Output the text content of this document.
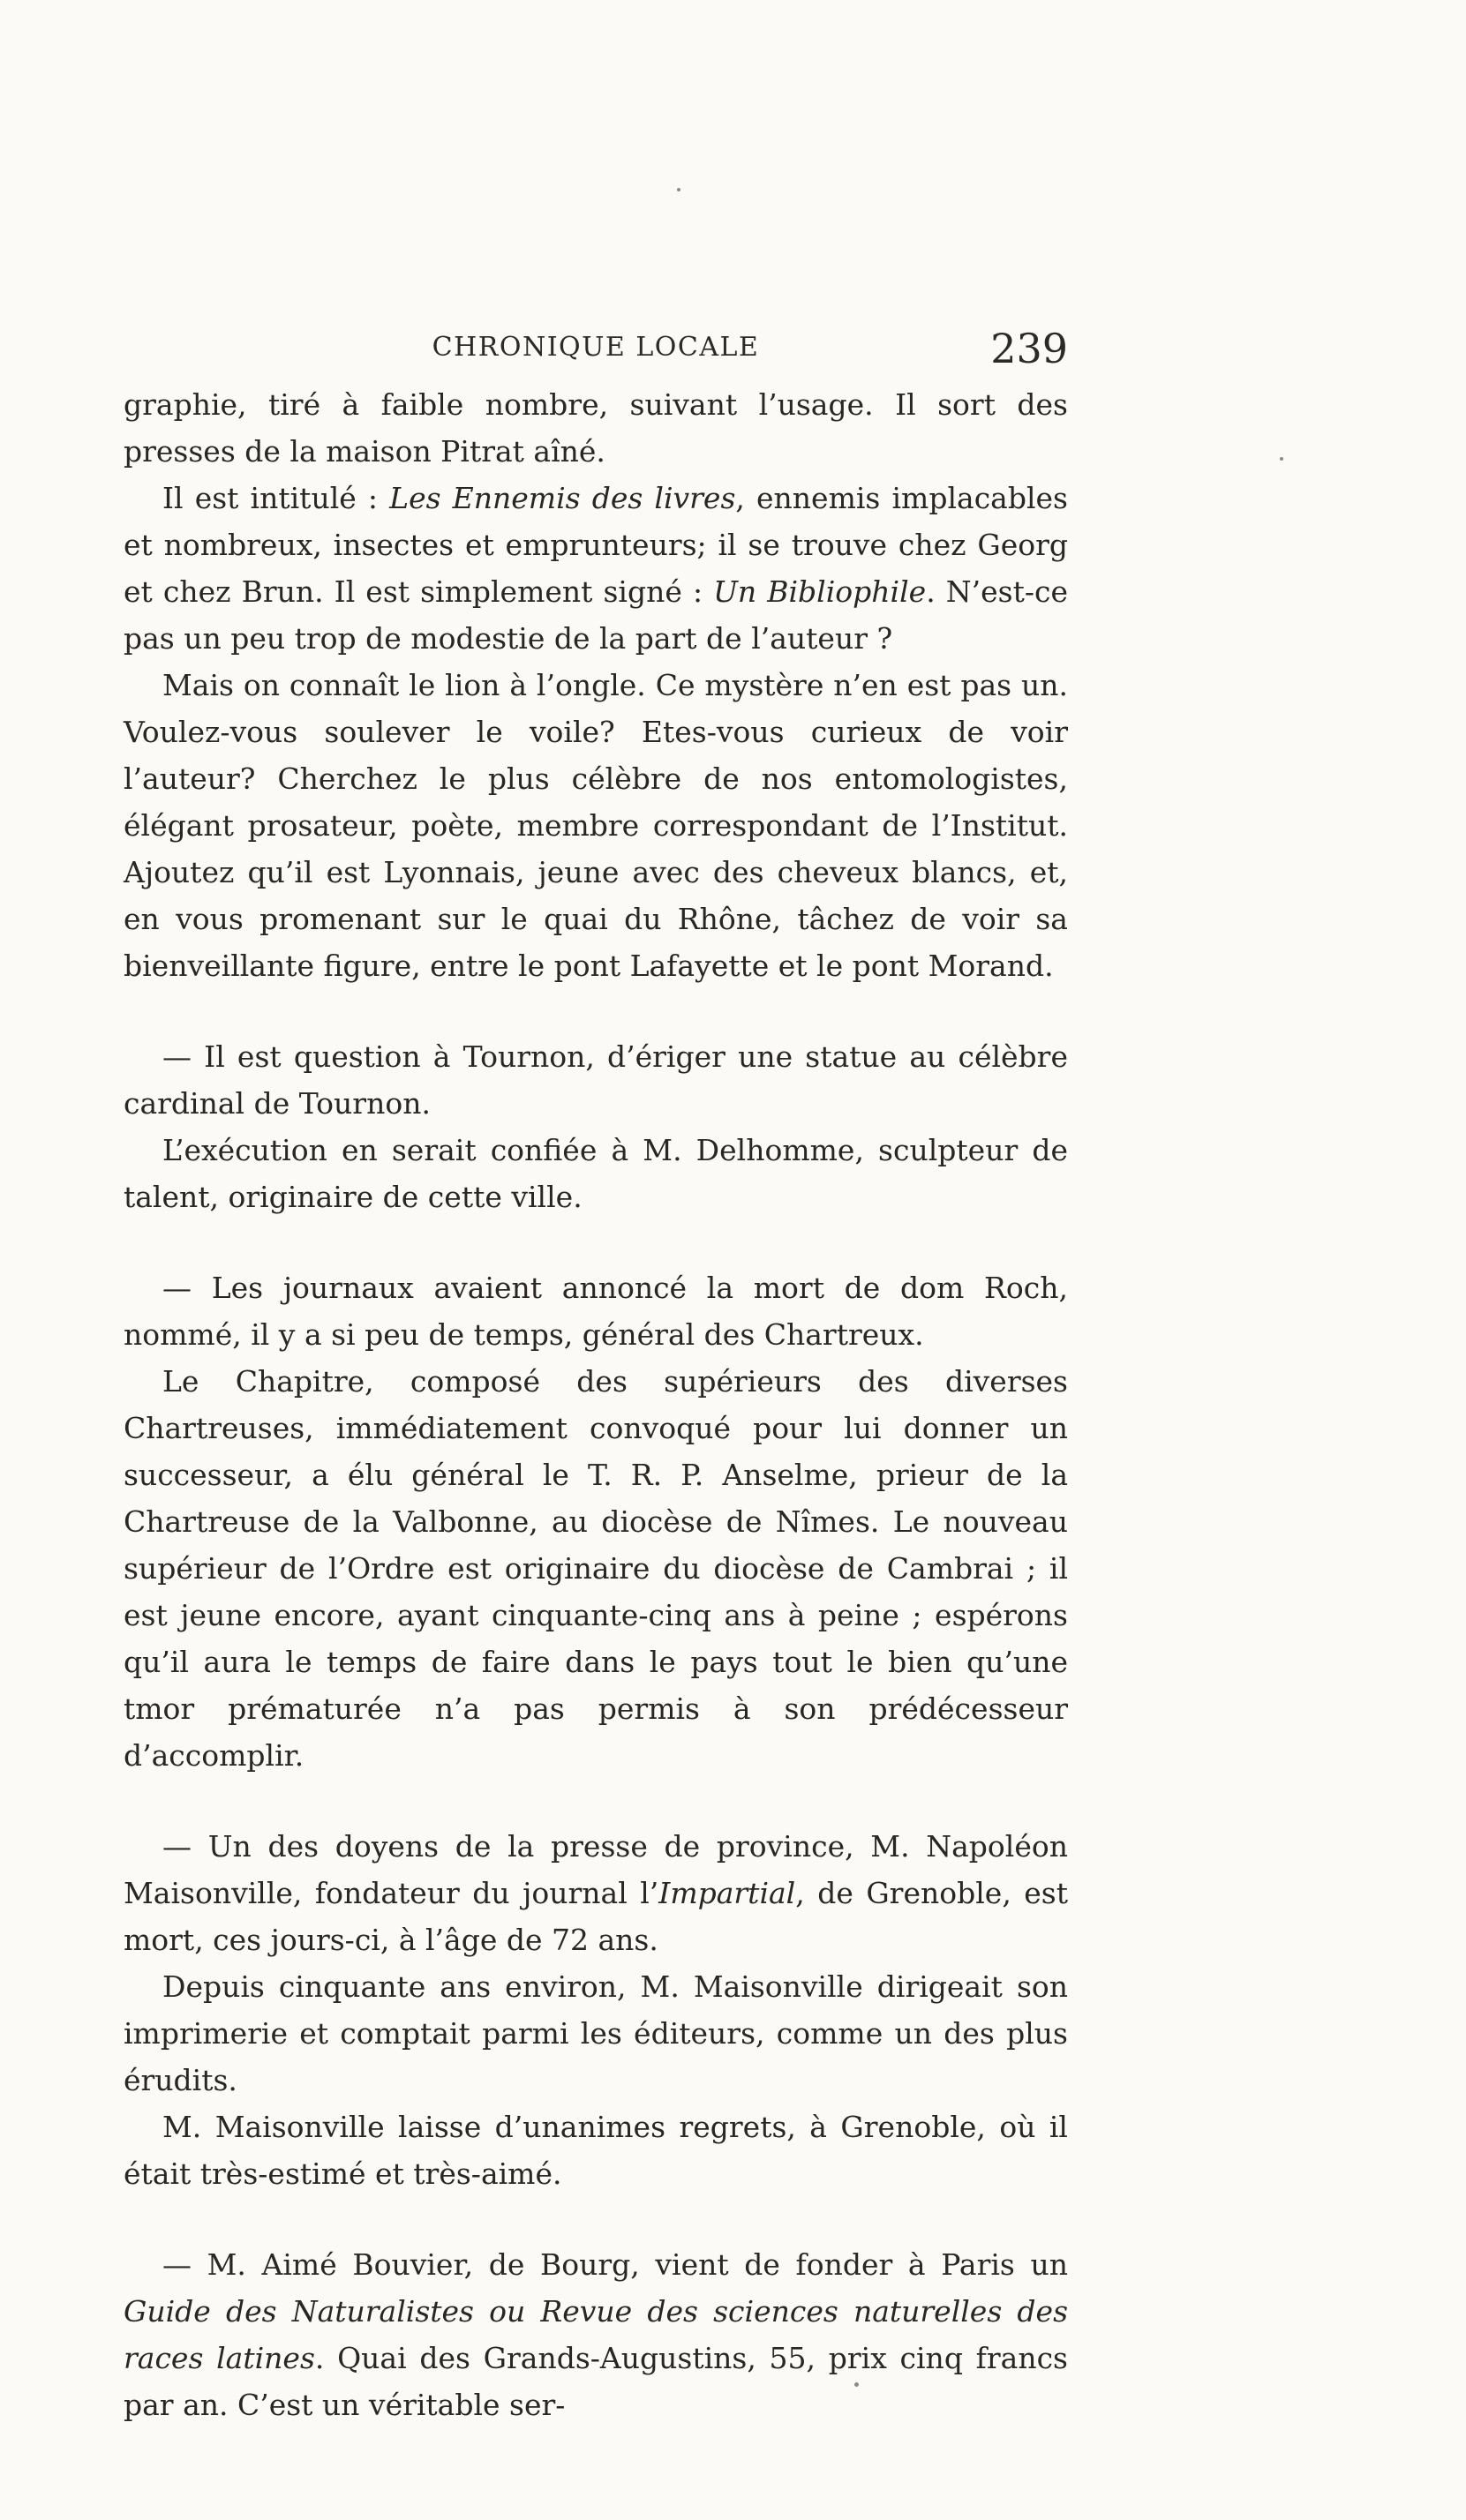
CHRONIQUE LOCALE	239

graphie, tiré à faible nombre, suivant l’usage. Il sort des presses de la maison Pitrat aîné.

Il est intitulé : Les Ennemis des livres, ennemis implacables et nombreux, insectes et emprunteurs; il se trouve chez Georg et chez Brun. Il est simplement signé : Un Bibliophile. N’est-ce pas un peu trop de modestie de la part de l’auteur ?

Mais on connaît le lion à l’ongle. Ce mystère n’en est pas un. Voulez-vous soulever le voile? Etes-vous curieux de voir l’auteur? Cherchez le plus célèbre de nos entomologistes, élégant prosateur, poète, membre correspondant de l’Institut. Ajoutez qu’il est Lyonnais, jeune avec des cheveux blancs, et, en vous promenant sur le quai du Rhône, tâchez de voir sa bienveillante figure, entre le pont Lafayette et le pont Morand.

— Il est question à Tournon, d’ériger une statue au célèbre cardinal de Tournon.

L’exécution en serait confiée à M. Delhomme, sculpteur de talent, originaire de cette ville.

— Les journaux avaient annoncé la mort de dom Roch, nommé, il y a si peu de temps, général des Chartreux.

Le Chapitre, composé des supérieurs des diverses Chartreuses, immédiatement convoqué pour lui donner un successeur, a élu général le T. R. P. Anselme, prieur de la Chartreuse de la Valbonne, au diocèse de Nîmes. Le nouveau supérieur de l’Ordre est originaire du diocèse de Cambrai ; il est jeune encore, ayant cinquante-cinq ans à peine ; espérons qu’il aura le temps de faire dans le pays tout le bien qu’une tmor prématurée n’a pas permis à son prédécesseur d’accomplir.

— Un des doyens de la presse de province, M. Napoléon Maisonville, fondateur du journal l’Impartial, de Grenoble, est mort, ces jours-ci, à l’âge de 72 ans.

Depuis cinquante ans environ, M. Maisonville dirigeait son imprimerie et comptait parmi les éditeurs, comme un des plus érudits.

M. Maisonville laisse d’unanimes regrets, à Grenoble, où il était très-estimé et très-aimé.

— M. Aimé Bouvier, de Bourg, vient de fonder à Paris un Guide des Naturalistes ou Revue des sciences naturelles des races latines. Quai des Grands-Augustins, 55, prix cinq francs par an. C’est un véritable ser-
